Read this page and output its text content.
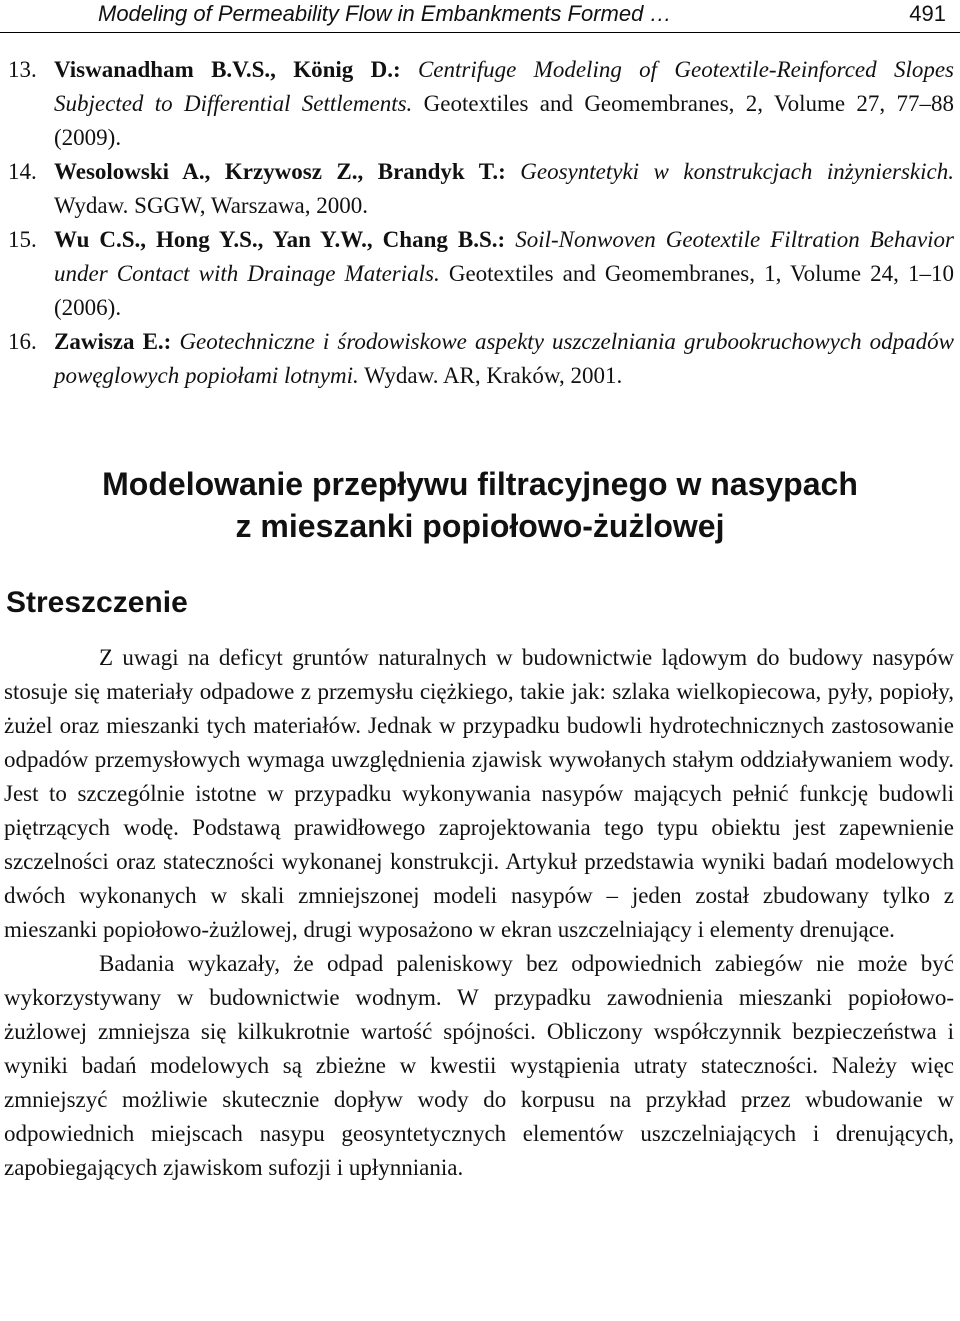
Modeling of Permeability Flow in Embankments Formed …	491
13. Viswanadham B.V.S., König D.: Centrifuge Modeling of Geotextile-Reinforced Slopes Subjected to Differential Settlements. Geotextiles and Geomembranes, 2, Volume 27, 77–88 (2009).
14. Wesolowski A., Krzywosz Z., Brandyk T.: Geosyntetyki w konstrukcjach inżynierskich. Wydaw. SGGW, Warszawa, 2000.
15. Wu C.S., Hong Y.S., Yan Y.W., Chang B.S.: Soil-Nonwoven Geotextile Filtration Behavior under Contact with Drainage Materials. Geotextiles and Geomembranes, 1, Volume 24, 1–10 (2006).
16. Zawisza E.: Geotechniczne i środowiskowe aspekty uszczelniania grubookruchowych odpadów powęglowych popiołami lotnymi. Wydaw. AR, Kraków, 2001.
Modelowanie przepływu filtracyjnego w nasypach
z mieszanki popiołowo-żużlowej
Streszczenie

Z uwagi na deficyt gruntów naturalnych w budownictwie lądowym do budowy nasypów stosuje się materiały odpadowe z przemysłu ciężkiego, takie jak: szlaka wielkopiecowa, pyły, popioły, żużel oraz mieszanki tych materiałów. Jednak w przypadku budowli hydrotechnicznych zastosowanie odpadów przemysłowych wymaga uwzględnienia zjawisk wywołanych stałym oddziaływaniem wody. Jest to szczególnie istotne w przypadku wykonywania nasypów mających pełnić funkcję budowli piętrzących wodę. Podstawą prawidłowego zaprojektowania tego typu obiektu jest zapewnienie szczelności oraz stateczności wykonanej konstrukcji. Artykuł przedstawia wyniki badań modelowych dwóch wykonanych w skali zmniejszonej modeli nasypów – jeden został zbudowany tylko z mieszanki popiołowo-żużlowej, drugi wyposażono w ekran uszczelniający i elementy drenujące.

Badania wykazały, że odpad paleniskowy bez odpowiednich zabiegów nie może być wykorzystywany w budownictwie wodnym. W przypadku zawodnienia mieszanki popiołowo-żużlowej zmniejsza się kilkukrotnie wartość spójności. Obliczony współczynnik bezpieczeństwa i wyniki badań modelowych są zbieżne w kwestii wystąpienia utraty stateczności. Należy więc zmniejszyć możliwie skutecznie dopływ wody do korpusu na przykład przez wbudowanie w odpowiednich miejscach nasypu geosyntetycznych elementów uszczelniających i drenujących, zapobiegających zjawiskom sufozji i upłynniania.
